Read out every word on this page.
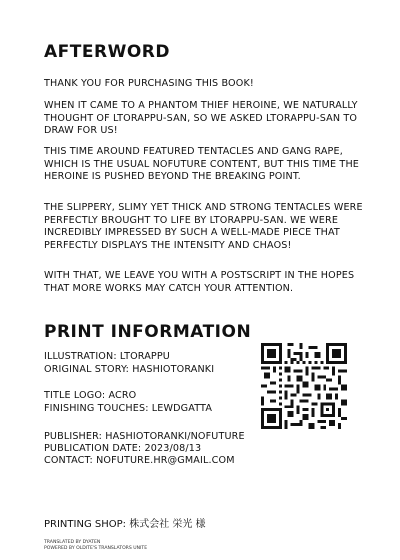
AFTERWORD

THANK YOU FOR PURCHASING THIS BOOK!

WHEN IT CAME TO A PHANTOM THIEF HEROINE, WE NATURALLY THOUGHT OF LTORAPPU-SAN, SO WE ASKED LTORAPPU-SAN TO DRAW FOR US!

THIS TIME AROUND FEATURED TENTACLES AND GANG RAPE, WHICH IS THE USUAL NOFUTURE CONTENT, BUT THIS TIME THE HEROINE IS PUSHED BEYOND THE BREAKING POINT.

THE SLIPPERY, SLIMY YET THICK AND STRONG TENTACLES WERE PERFECTLY BROUGHT TO LIFE BY LTORAPPU-SAN. WE WERE INCREDIBLY IMPRESSED BY SUCH A WELL-MADE PIECE THAT PERFECTLY DISPLAYS THE INTENSITY AND CHAOS!

WITH THAT, WE LEAVE YOU WITH A POSTSCRIPT IN THE HOPES THAT MORE WORKS MAY CATCH YOUR ATTENTION.

PRINT INFORMATION
ILLUSTRATION: LTORAPPU
ORIGINAL STORY: HASHIOTORANKI
TITLE LOGO: ACRO
FINISHING TOUCHES: LEWDGATTA
PUBLISHER: HASHIOTORANKI/NOFUTURE
PUBLICATION DATE: 2023/08/13
CONTACT: NOFUTURE.HR@GMAIL.COM
PRINTING SHOP: 株式会社 栄光 様
TRANSLATED BY DYATEN
POWERED BY OLDITE'S TRANSLATORS UNITE
